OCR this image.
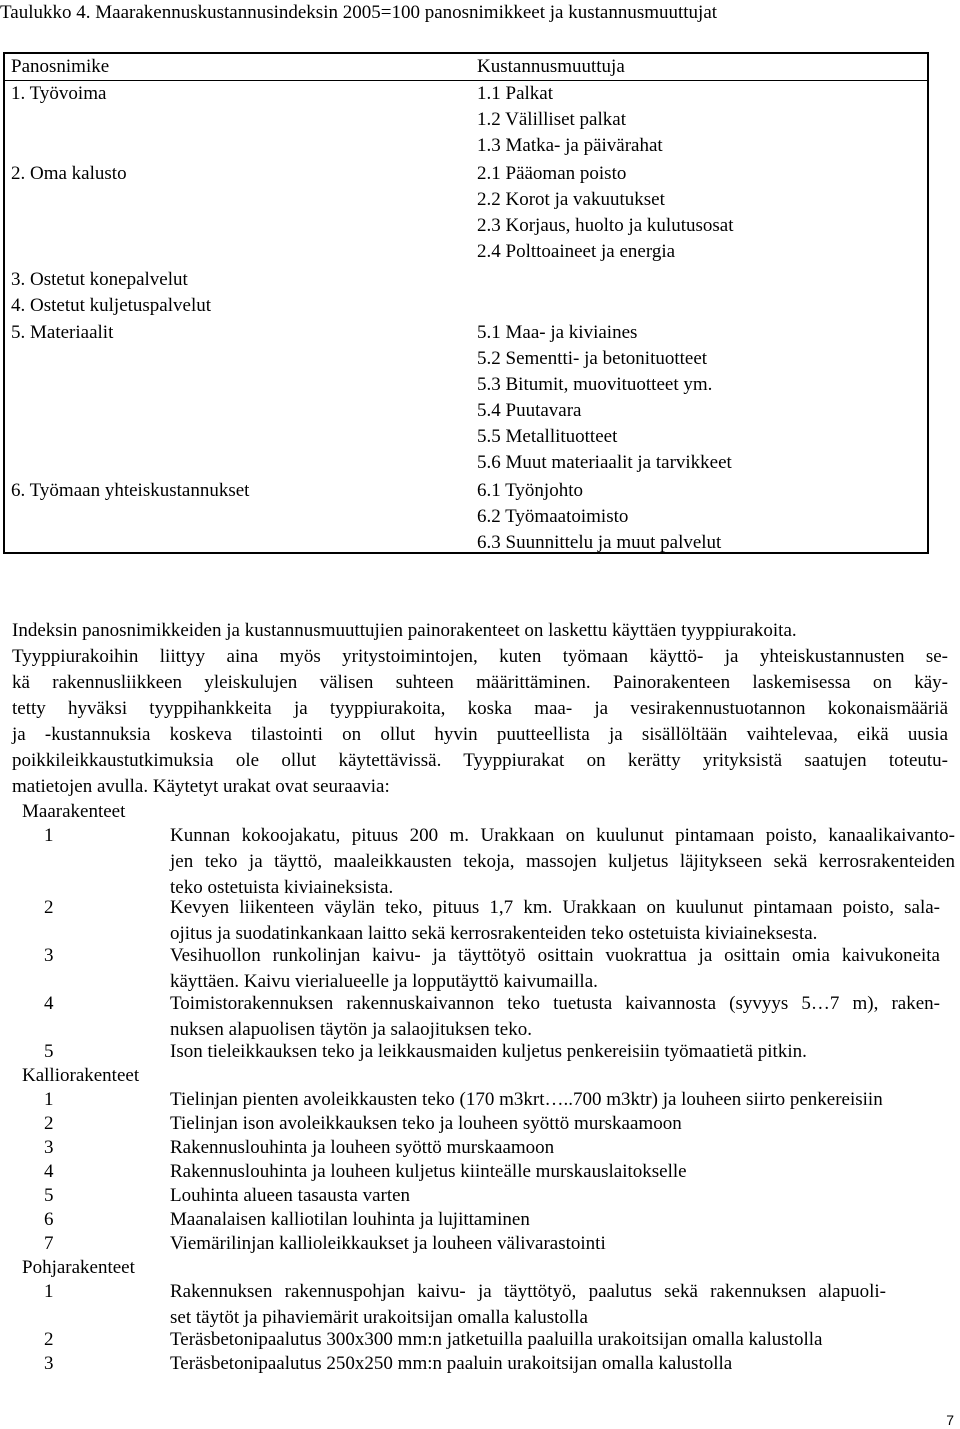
Taulukko 4. Maarakennuskustannusindeksin 2005=100 panosnimikkeet ja kustannusmuuttujat
Panosnimike	Kustannusmuuttuja
1. Työvoima	1.1 Palkat
1.2 Välilliset palkat
1.3 Matka- ja päivärahat
2. Oma kalusto	2.1 Pääoman poisto
2.2 Korot ja vakuutukset
2.3 Korjaus, huolto ja kulutusosat
2.4 Polttoaineet ja energia
3. Ostetut konepalvelut
4. Ostetut kuljetuspalvelut
5. Materiaalit	5.1 Maa- ja kiviaines
5.2 Sementti- ja betonituotteet
5.3 Bitumit, muovituotteet ym.
5.4 Puutavara
5.5 Metallituotteet
5.6 Muut materiaalit ja tarvikkeet
6. Työmaan yhteiskustannukset	6.1 Työnjohto
6.2 Työmaatoimisto
6.3 Suunnittelu ja muut palvelut
Indeksin panosnimikkeiden ja kustannusmuuttujien painorakenteet on laskettu käyttäen tyyppiurakoita.
Tyyppiurakoihin liittyy aina myös yritystoimintojen, kuten työmaan käyttö- ja yhteiskustannusten se-
kä rakennusliikkeen yleiskulujen välisen suhteen määrittäminen. Painorakenteen laskemisessa on käy-
tetty hyväksi tyyppihankkeita ja tyyppiurakoita, koska maa- ja vesirakennustuotannon kokonaismääriä
ja -kustannuksia koskeva tilastointi on ollut hyvin puutteellista ja sisällöltään vaihtelevaa, eikä uusia
poikkileikkaustutkimuksia ole ollut käytettävissä. Tyyppiurakat on kerätty yrityksistä saatujen toteutu-
matietojen avulla. Käytetyt urakat ovat seuraavia:
Maarakenteet
1	Kunnan kokoojakatu, pituus 200 m. Urakkaan on kuulunut pintamaan poisto, kanaalikaivanto-
jen teko ja täyttö, maaleikkausten tekoja, massojen kuljetus läjitykseen sekä kerrosrakenteiden
teko ostetuista kiviaineksista.
2	Kevyen liikenteen väylän teko, pituus 1,7 km. Urakkaan on kuulunut pintamaan poisto, sala-
ojitus ja suodatinkankaan laitto sekä kerrosrakenteiden teko ostetuista kiviaineksesta.
3	Vesihuollon runkolinjan kaivu- ja täyttötyö osittain vuokrattua ja osittain omia kaivukoneita
käyttäen. Kaivu vierialueelle ja lopputäyttö kaivumailla.
4	Toimistorakennuksen rakennuskaivannon teko tuetusta kaivannosta (syvyys 5…7 m), raken-
nuksen alapuolisen täytön ja salaojituksen teko.
5	Ison tieleikkauksen teko ja leikkausmaiden kuljetus penkereisiin työmaatietä pitkin.
Kalliorakenteet
1	Tielinjan pienten avoleikkausten teko (170 m3krt…..700 m3ktr) ja louheen siirto penkereisiin
2	Tielinjan ison avoleikkauksen teko ja louheen syöttö murskaamoon
3	Rakennuslouhinta ja louheen syöttö murskaamoon
4	Rakennuslouhinta ja louheen kuljetus kiinteälle murskauslaitokselle
5	Louhinta alueen tasausta varten
6	Maanalaisen kalliotilan louhinta ja lujittaminen
7	Viemärilinjan kallioleikkaukset ja louheen välivarastointi
Pohjarakenteet
1	Rakennuksen rakennuspohjan kaivu- ja täyttötyö, paalutus sekä rakennuksen alapuoli-
set täytöt ja pihaviemärit urakoitsijan omalla kalustolla
2	Teräsbetonipaalutus 300x300 mm:n jatketuilla paaluilla urakoitsijan omalla kalustolla
3	Teräsbetonipaalutus 250x250 mm:n paaluin urakoitsijan omalla kalustolla
7
